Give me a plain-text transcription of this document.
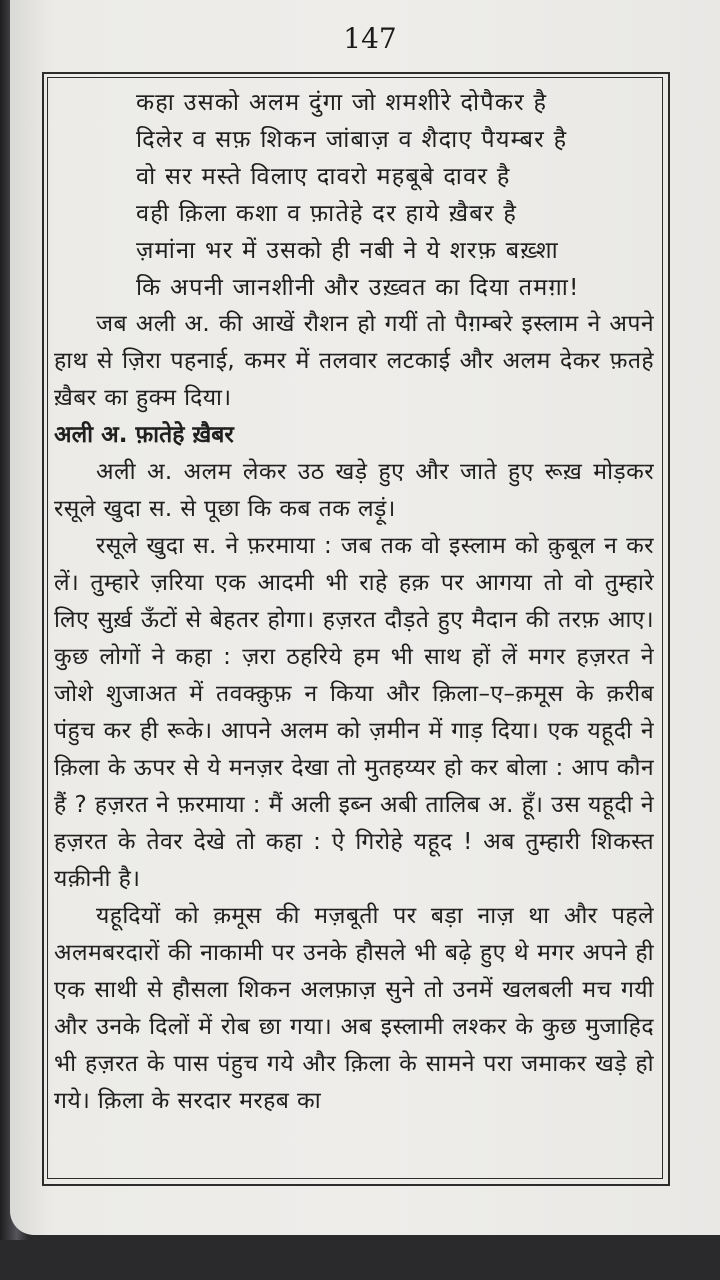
147
कहा उसको अलम दुंगा जो शमशीरे दोपैकर है
दिलेर व सफ़ शिकन जांबाज़ व शैदाए पैयम्बर है
वो सर मस्ते विलाए दावरो महबूबे दावर है
वही क़िला कशा व फ़ातेहे दर हाये ख़ैबर है
ज़मांना भर में उसको ही नबी ने ये शरफ़ बख़्शा
कि अपनी जानशीनी और उख़्वत का दिया तमग़ा!

जब अली अ. की आखें रौशन हो गयीं तो पैग़म्बरे इस्लाम ने अपने हाथ से ज़िरा पहनाई, कमर में तलवार लटकाई और अलम देकर फ़तहे ख़ैबर का हुक्म दिया।

अली अ. फ़ातेहे ख़ैबर

अली अ. अलम लेकर उठ खड़े हुए और जाते हुए रूख़ मोड़कर रसूले खुदा स. से पूछा कि कब तक लड़ूं।

रसूले खुदा स. ने फ़रमाया : जब तक वो इस्लाम को क़ुबूल न कर लें। तुम्हारे ज़रिया एक आदमी भी राहे हक़ पर आगया तो वो तुम्हारे लिए सुर्ख़ ऊँटों से बेहतर होगा। हज़रत दौड़ते हुए मैदान की तरफ़ आए। कुछ लोगों ने कहा : ज़रा ठहरिये हम भी साथ हों लें मगर हज़रत ने जोशे शुजाअत में तवक्क़ुफ़ न किया और क़िला–ए–क़मूस के क़रीब पंहुच कर ही रूके। आपने अलम को ज़मीन में गाड़ दिया। एक यहूदी ने क़िला के ऊपर से ये मनज़र देखा तो मुतहय्यर हो कर बोला : आप कौन हैं ? हज़रत ने फ़रमाया : मैं अली इब्न अबी तालिब अ. हूँ। उस यहूदी ने हज़रत के तेवर देखे तो कहा : ऐ गिरोहे यहूद ! अब तुम्हारी शिकस्त यक़ीनी है।

यहूदियों को क़मूस की मज़बूती पर बड़ा नाज़ था और पहले अलमबरदारों की नाकामी पर उनके हौसले भी बढ़े हुए थे मगर अपने ही एक साथी से हौसला शिकन अलफ़ाज़ सुने तो उनमें खलबली मच गयी और उनके दिलों में रोब छा गया। अब इस्लामी लश्कर के कुछ मुजाहिद भी हज़रत के पास पंहुच गये और क़िला के सामने परा जमाकर खड़े हो गये। क़िला के सरदार मरहब का
